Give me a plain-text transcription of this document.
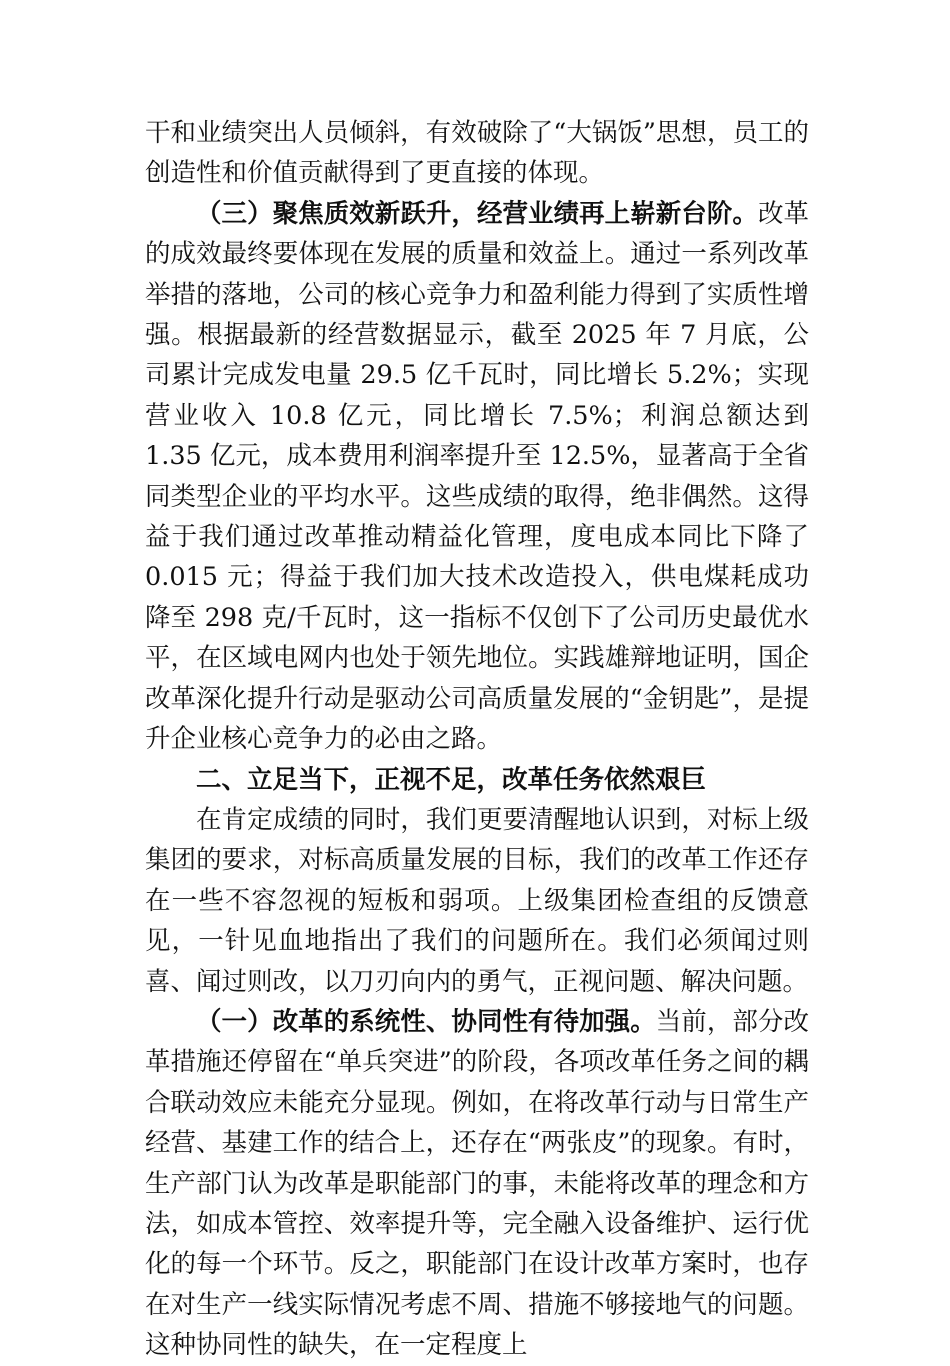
干和业绩突出人员倾斜，有效破除了“大锅饭”思想，员工的创造性和价值贡献得到了更直接的体现。

（三）聚焦质效新跃升，经营业绩再上崭新台阶。改革的成效最终要体现在发展的质量和效益上。通过一系列改革举措的落地，公司的核心竞争力和盈利能力得到了实质性增强。根据最新的经营数据显示，截至 2025 年 7 月底，公司累计完成发电量 29.5 亿千瓦时，同比增长 5.2%；实现营业收入 10.8 亿元，同比增长 7.5%；利润总额达到 1.35 亿元，成本费用利润率提升至 12.5%，显著高于全省同类型企业的平均水平。这些成绩的取得，绝非偶然。这得益于我们通过改革推动精益化管理，度电成本同比下降了 0.015 元；得益于我们加大技术改造投入，供电煤耗成功降至 298 克/千瓦时，这一指标不仅创下了公司历史最优水平，在区域电网内也处于领先地位。实践雄辩地证明，国企改革深化提升行动是驱动公司高质量发展的“金钥匙”，是提升企业核心竞争力的必由之路。

二、立足当下，正视不足，改革任务依然艰巨

在肯定成绩的同时，我们更要清醒地认识到，对标上级集团的要求，对标高质量发展的目标，我们的改革工作还存在一些不容忽视的短板和弱项。上级集团检查组的反馈意见，一针见血地指出了我们的问题所在。我们必须闻过则喜、闻过则改，以刀刃向内的勇气，正视问题、解决问题。

（一）改革的系统性、协同性有待加强。当前，部分改革措施还停留在“单兵突进”的阶段，各项改革任务之间的耦合联动效应未能充分显现。例如，在将改革行动与日常生产经营、基建工作的结合上，还存在“两张皮”的现象。有时，生产部门认为改革是职能部门的事，未能将改革的理念和方法，如成本管控、效率提升等，完全融入设备维护、运行优化的每一个环节。反之，职能部门在设计改革方案时，也存在对生产一线实际情况考虑不周、措施不够接地气的问题。这种协同性的缺失，在一定程度上
